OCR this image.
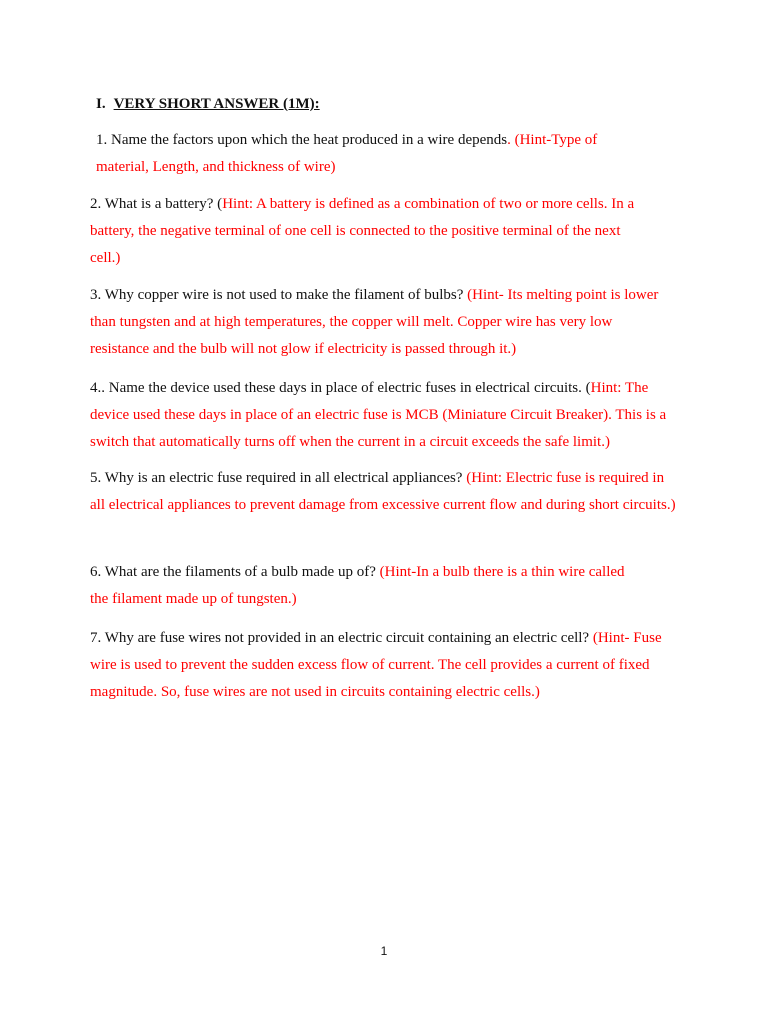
I. VERY SHORT ANSWER (1M):

1. Name the factors upon which the heat produced in a wire depends. (Hint-Type of material, Length, and thickness of wire)

2. What is a battery? (Hint: A battery is defined as a combination of two or more cells. In a battery, the negative terminal of one cell is connected to the positive terminal of the next cell.)

3. Why copper wire is not used to make the filament of bulbs? (Hint- Its melting point is lower than tungsten and at high temperatures, the copper will melt. Copper wire has very low resistance and the bulb will not glow if electricity is passed through it.)

4.. Name the device used these days in place of electric fuses in electrical circuits. (Hint: The device used these days in place of an electric fuse is MCB (Miniature Circuit Breaker). This is a switch that automatically turns off when the current in a circuit exceeds the safe limit.)

5. Why is an electric fuse required in all electrical appliances? (Hint: Electric fuse is required in all electrical appliances to prevent damage from excessive current flow and during short circuits.)

6. What are the filaments of a bulb made up of? (Hint-In a bulb there is a thin wire called the filament made up of tungsten.)

7. Why are fuse wires not provided in an electric circuit containing an electric cell? (Hint- Fuse wire is used to prevent the sudden excess flow of current. The cell provides a current of fixed magnitude. So, fuse wires are not used in circuits containing electric cells.)

1
